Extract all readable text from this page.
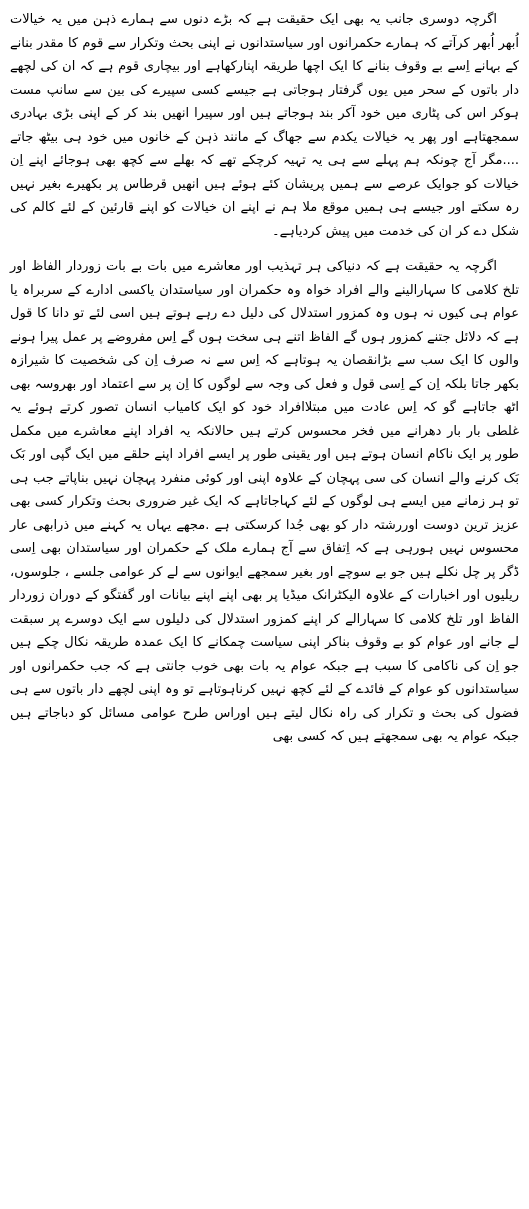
اگرچہ دوسری جانب یہ بھی ایک حقیقت ہے کہ بڑے دنوں سے ہمارے ذہن میں یہ خیالات اُبھر اُبھر کرآتے کہ ہمارے حکمرانوں اور سیاستدانوں نے اپنی بحث وتکرار سے قوم کا مقدر بنانے کے بہانے اِسے بے وقوف بنانے کا ایک اچھا طریقہ اپنارکھاہے اور بیچاری قوم ہے کہ ان کی لچھے دار باتوں کے سحر میں یوں گرفتار ہوجاتی ہے جیسے کسی سپیرے کی بین سے سانپ مست ہوکر اس کی پٹاری میں خود آکر بند ہوجاتے ہیں اور سپیرا انھیں بند کر کے اپنی بڑی بہادری سمجھتاہے اور پھر یہ خیالات یکدم سے جھاگ کے مانند ذہن کے خانوں میں خود ہی بیٹھ جاتے ....مگر آج چونکہ ہم پہلے سے ہی یہ تہیہ کرچکے تھے کہ بھلے سے کچھ بھی ہوجائے اپنے اِن خیالات کو جوایک عرصے سے ہمیں پریشان کئے ہوئے ہیں انھیں قرطاس پر بکھیرے بغیر نہیں رہ سکتے اور جیسے ہی ہمیں موقع ملا ہم نے اپنے ان خیالات کو اپنے قارئین کے لئے کالم کی شکل دے کر ان کی خدمت میں پیش کردیاہے۔

اگرچہ یہ حقیقت ہے کہ دنیاکی ہر تہذیب اور معاشرے میں بات بے بات زوردار الفاظ اور تلخ کلامی کا سہارالینے والے افراد خواہ وہ حکمران اور سیاستدان یاکسی ادارے کے سربراہ یا عوام ہی کیوں نہ ہوں وہ کمزور استدلال کی دلیل دے رہے ہوتے ہیں اسی لئے تو دانا کا قول ہے کہ دلائل جتنے کمزور ہوں گے الفاظ اتنے ہی سخت ہوں گے اِس مفروضے پر عمل پیرا ہونے والوں کا ایک سب سے بڑانقصان یہ ہوتاہے کہ اِس سے نہ صرف اِن کی شخصیت کا شیرازہ بکھر جاتا بلکہ اِن کے اِسی قول و فعل کی وجہ سے لوگوں کا اِن پر سے اعتماد اور بھروسہ بھی اٹھ جاتاہے گو کہ اِس عادت میں مبتلاافراد خود کو ایک کامیاب انسان تصور کرتے ہوئے یہ غلطی بار بار دھرانے میں فخر محسوس کرتے ہیں حالانکہ یہ افراد اپنے معاشرے میں مکمل طور پر ایک ناکام انسان ہوتے ہیں اور یقینی طور پر ایسے افراد اپنے حلقے میں ایک گپی اور بَک بَک کرنے والے انسان کی سی پہچان کے علاوہ اپنی اور کوئی منفرد پہچان نہیں بناپاتے جب ہی تو ہر زمانے میں ایسے ہی لوگوں کے لئے کہاجاتاہے کہ ایک غیر ضروری بحث وتکرار کسی بھی عزیز ترین دوست اوررشتہ دار کو بھی جُدا کرسکتی ہے .مجھے یہاں یہ کہنے میں ذرابھی عار محسوس نہیں ہورہی ہے کہ اِتفاق سے آج ہمارے ملک کے حکمران اور سیاستدان بھی اِسی ڈگر پر چل نکلے ہیں جو بے سوچے اور بغیر سمجھے ایوانوں سے لے کر عوامی جلسے ، جلوسوں، ریلیوں اور اخبارات کے علاوہ الیکٹرانک میڈیا پر بھی اپنے اپنے بیانات اور گفتگو کے دوران زوردار الفاظ اور تلخ کلامی کا سہارالے کر اپنے کمزور استدلال کی دلیلوں سے ایک دوسرے پر سبقت لے جانے اور عوام کو بے وقوف بناکر اپنی سیاست چمکانے کا ایک عمدہ طریقہ نکال چکے ہیں جو اِن کی ناکامی کا سبب ہے جبکہ عوام یہ بات بھی خوب جانتی ہے کہ جب حکمرانوں اور سیاستدانوں کو عوام کے فائدے کے لئے کچھ نہیں کرناہوتاہے تو وہ اپنی لچھے دار باتوں سے ہی فضول کی بحث و تکرار کی راہ نکال لیتے ہیں اوراس طرح عوامی مسائل کو دباجاتے ہیں جبکہ عوام یہ بھی سمجھتے ہیں کہ کسی بھی
